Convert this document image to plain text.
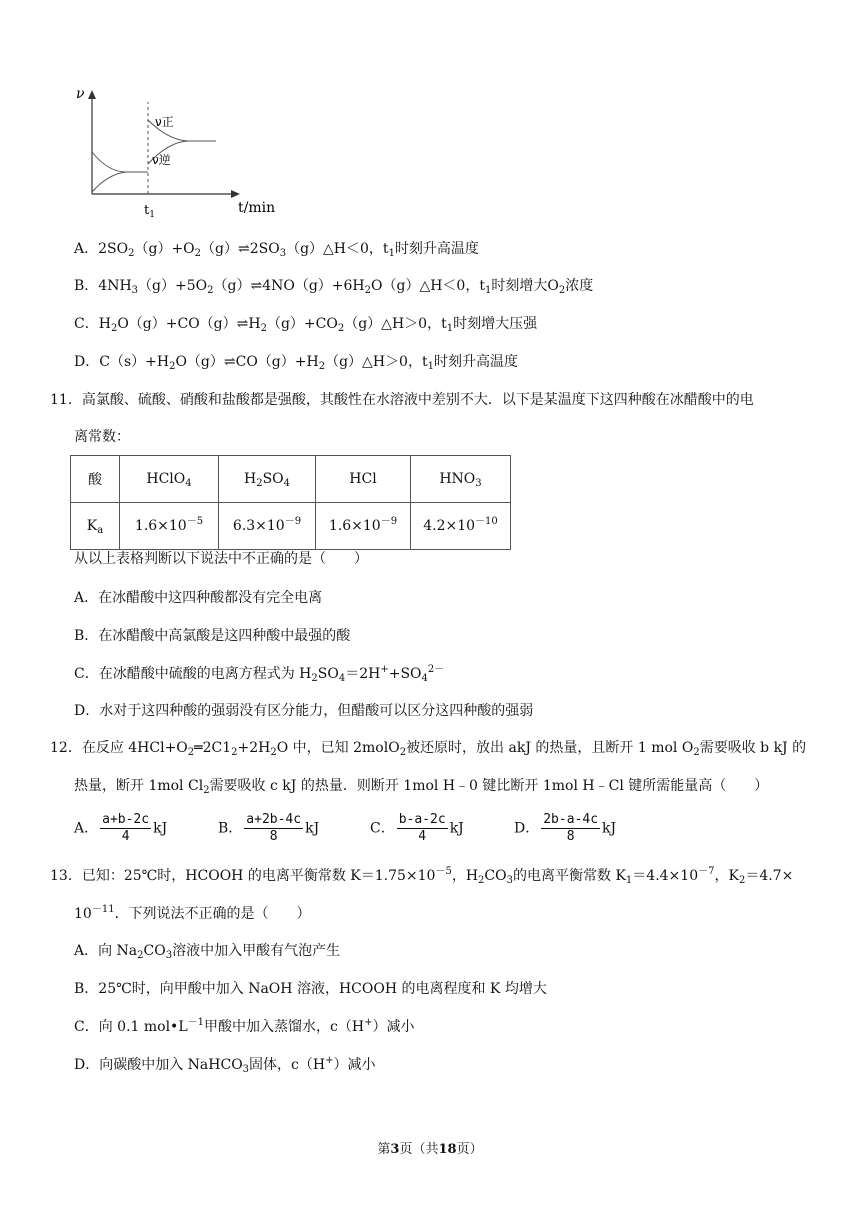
ν
ν正
ν逆
$t_1$	t/min
A．$2SO_2(g)+O_2(g)\rightleftharpoons 2SO_3(g)\triangle H<0$，$t_1$时刻升高温度
B．$4NH_3(g)+5O_2(g)\rightleftharpoons 4NO(g)+6H_2O(g)\triangle H<0$，$t_1$时刻增大$O_2$浓度
C．$H_2O(g)+CO(g)\rightleftharpoons H_2(g)+CO_2(g)\triangle H>0$，$t_1$时刻增大压强
D．$C(s)+H_2O(g)\rightleftharpoons CO(g)+H_2(g)\triangle H>0$，$t_1$时刻升高温度
11．高氯酸、硫酸、硝酸和盐酸都是强酸，其酸性在水溶液中差别不大．以下是某温度下这四种酸在冰醋酸中的电
离常数：
酸	HClO$_4$	$H_2SO_4$	HCl	$HNO_3$
$K_a$	$1.6\times 10^{-5}$	$6.3\times 10^{-9}$	$1.6\times 10^{-9}$	$4.2\times 10^{-10}$
从以上表格判断以下说法中不正确的是（　　）
A．在冰醋酸中这四种酸都没有完全电离
B．在冰醋酸中高氯酸是这四种酸中最强的酸
C．在冰醋酸中硫酸的电离方程式为 $H_2SO_4=2H^++SO_4^{2-}$
D．水对于这四种酸的强弱没有区分能力，但醋酸可以区分这四种酸的强弱
12．在反应 $4HCl+O_2═2C1_2+2H_2O$ 中，已知 2molO$_2$被还原时，放出 akJ 的热量，且断开 1 mol $O_2$需要吸收 b kJ 的
热量，断开 1mol $Cl_2$需要吸收 c kJ 的热量．则断开 1mol H﹣0 键比断开 1mol H﹣Cl 键所需能量高（　　）
A． $\frac{a+b-2c}{4}$ kJ	B． $\frac{a+2b-4c}{8}$ kJ	C． $\frac{b-a-2c}{4}$ kJ	D． $\frac{2b-a-4c}{8}$ kJ
13．已知：25℃时，HCOOH 的电离平衡常数 $K=1.75\times 10^{-5}$，$H_2CO_3$的电离平衡常数 $K_1=4.4\times 10^{-7}$，$K_2=4.7\times$
$10^{-11}$．下列说法不正确的是（　　）
A．向 $Na_2CO_3$溶液中加入甲酸有气泡产生
B．25℃时，向甲酸中加入 NaOH 溶液，HCOOH 的电离程度和 K 均增大
C．向 0.1 $mol•L^{-1}$甲酸中加入蒸馏水，c（H+）减小
D．向碳酸中加入 NaHCO$_3$固体，c（H+）减小
第3页（共18页）
